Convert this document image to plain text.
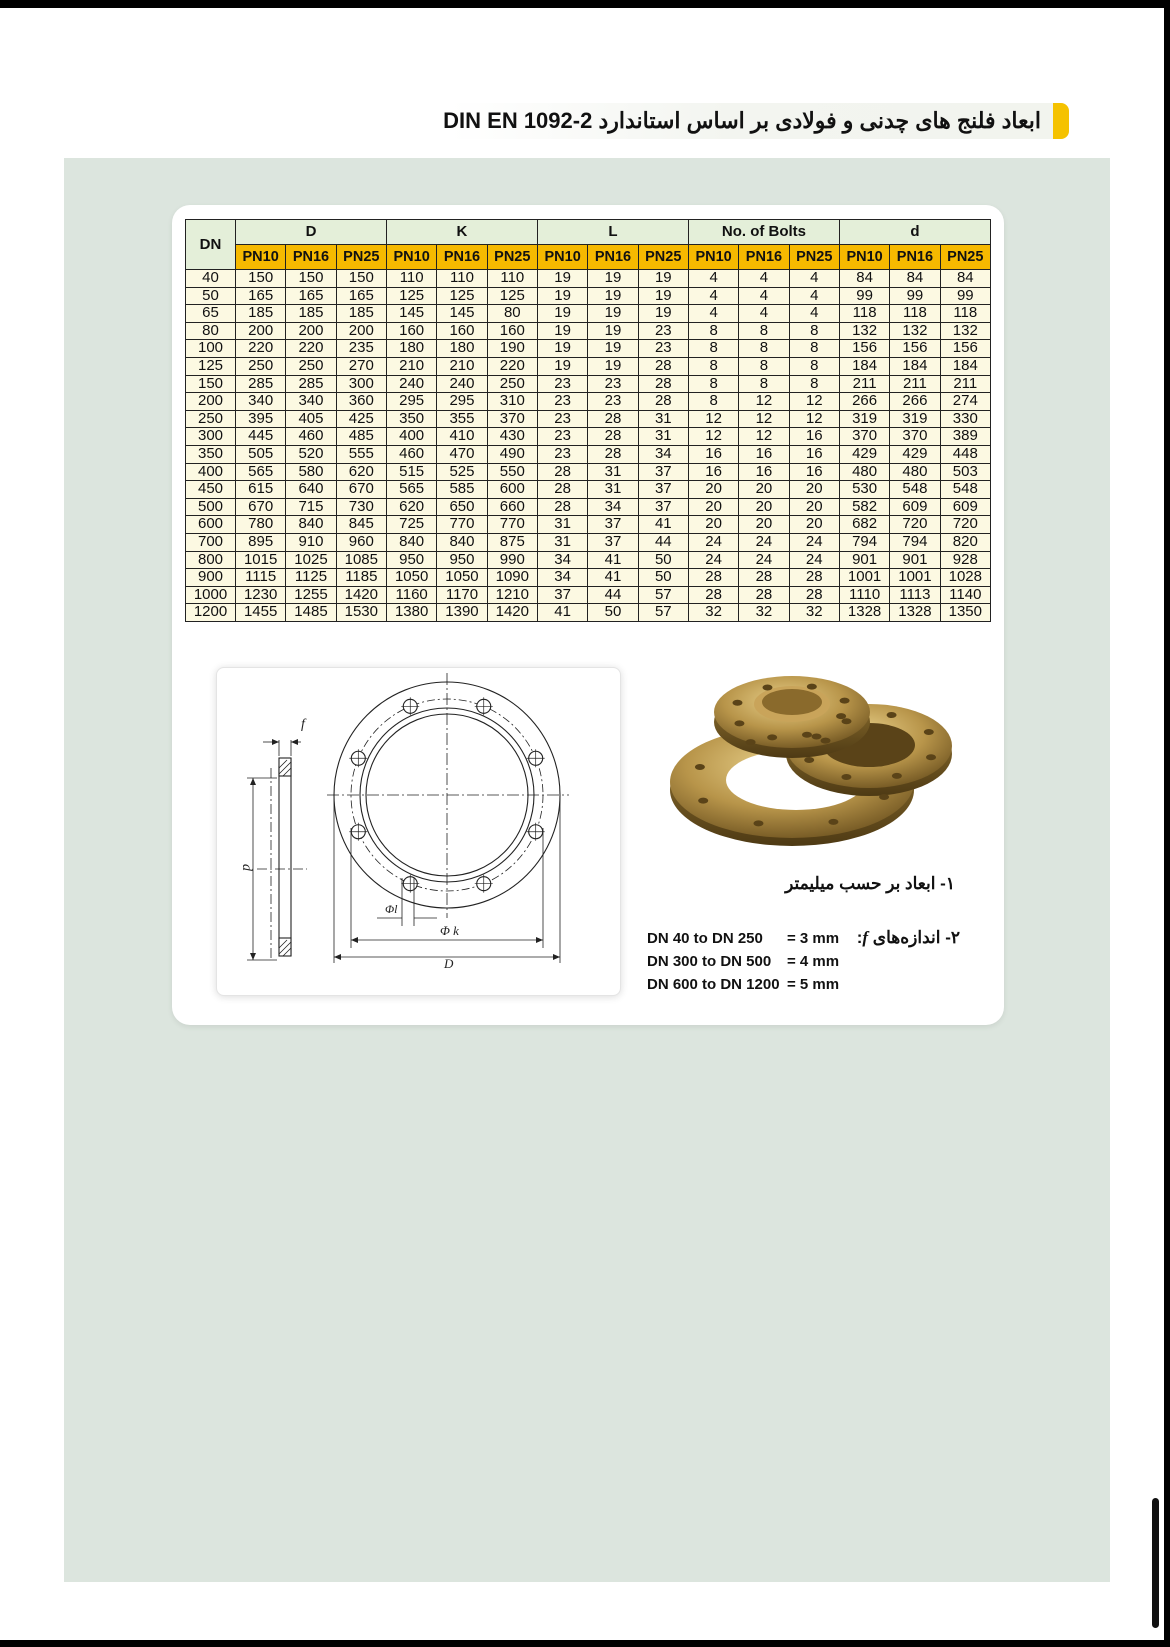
ابعاد فلنج های چدنی و فولادی بر اساس استاندارد DIN EN 1092-2
DN	D			K			L			No. of Bolts			d		
	PN10	PN16	PN25	PN10	PN16	PN25	PN10	PN16	PN25	PN10	PN16	PN25	PN10	PN16	PN25
40	150	150	150	110	110	110	19	19	19	4	4	4	84	84	84
50	165	165	165	125	125	125	19	19	19	4	4	4	99	99	99
65	185	185	185	145	145	80	19	19	19	4	4	4	118	118	118
80	200	200	200	160	160	160	19	19	23	8	8	8	132	132	132
100	220	220	235	180	180	190	19	19	23	8	8	8	156	156	156
125	250	250	270	210	210	220	19	19	28	8	8	8	184	184	184
150	285	285	300	240	240	250	23	23	28	8	8	8	211	211	211
200	340	340	360	295	295	310	23	23	28	8	12	12	266	266	274
250	395	405	425	350	355	370	23	28	31	12	12	12	319	319	330
300	445	460	485	400	410	430	23	28	31	12	12	16	370	370	389
350	505	520	555	460	470	490	23	28	34	16	16	16	429	429	448
400	565	580	620	515	525	550	28	31	37	16	16	16	480	480	503
450	615	640	670	565	585	600	28	31	37	20	20	20	530	548	548
500	670	715	730	620	650	660	28	34	37	20	20	20	582	609	609
600	780	840	845	725	770	770	31	37	41	20	20	20	682	720	720
700	895	910	960	840	840	875	31	37	44	24	24	24	794	794	820
800	1015	1025	1085	950	950	990	34	41	50	24	24	24	901	901	928
900	1115	1125	1185	1050	1050	1090	34	41	50	28	28	28	1001	1001	1028
1000	1230	1255	1420	1160	1170	1210	37	44	57	28	28	28	1110	1113	1140
1200	1455	1485	1530	1380	1390	1420	41	50	57	32	32	32	1328	1328	1350
f
d
Φl
Φ k
D
۱- ابعاد بر حسب میلیمتر
۲- اندازه‌های f:
DN 40 to DN 250 = 3 mm
DN 300 to DN 500 = 4 mm
DN 600 to DN 1200 = 5 mm
